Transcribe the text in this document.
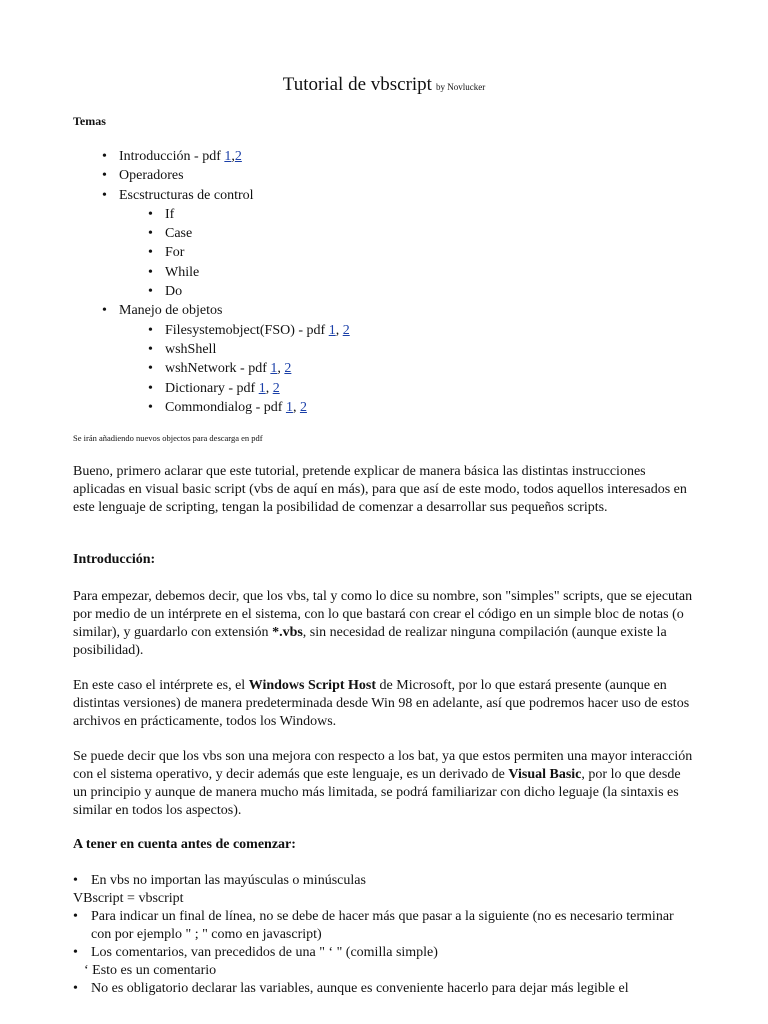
Tutorial de vbscript by Novlucker
Temas
• Introducción - pdf 1,2
• Operadores
• Escstructuras de control
• If
• Case
• For
• While
• Do
• Manejo de objetos
• Filesystemobject(FSO) - pdf 1, 2
• wshShell
• wshNetwork - pdf 1, 2
• Dictionary - pdf 1, 2
• Commondialog - pdf 1, 2
Se irán añadiendo nuevos objectos para descarga en pdf

Bueno, primero aclarar que este tutorial, pretende explicar de manera básica las distintas instrucciones aplicadas en visual basic script (vbs de aquí en más), para que así de este modo, todos aquellos interesados en este lenguaje de scripting, tengan la posibilidad de comenzar a desarrollar sus pequeños scripts.

Introducción:

Para empezar, debemos decir, que los vbs, tal y como lo dice su nombre, son "simples" scripts, que se ejecutan por medio de un intérprete en el sistema, con lo que bastará con crear el código en un simple bloc de notas (o similar), y guardarlo con extensión *.vbs, sin necesidad de realizar ninguna compilación (aunque existe la posibilidad).

En este caso el intérprete es, el Windows Script Host de Microsoft, por lo que estará presente (aunque en distintas versiones) de manera predeterminada desde Win 98 en adelante, así que podremos hacer uso de estos archivos en prácticamente, todos los Windows.

Se puede decir que los vbs son una mejora con respecto a los bat, ya que estos permiten una mayor interacción con el sistema operativo, y decir además que este lenguaje, es un derivado de Visual Basic, por lo que desde un principio y aunque de manera mucho más limitada, se podrá familiarizar con dicho leguaje (la sintaxis es similar en todos los aspectos).

A tener en cuenta antes de comenzar:

• En vbs no importan las mayúsculas o minúsculas
VBscript = vbscript
• Para indicar un final de línea, no se debe de hacer más que pasar a la siguiente (no es necesario terminar con por ejemplo " ; " como en javascript)
• Los comentarios, van precedidos de una " ‘ " (comilla simple)
‘ Esto es un comentario
• No es obligatorio declarar las variables, aunque es conveniente hacerlo para dejar más legible el
